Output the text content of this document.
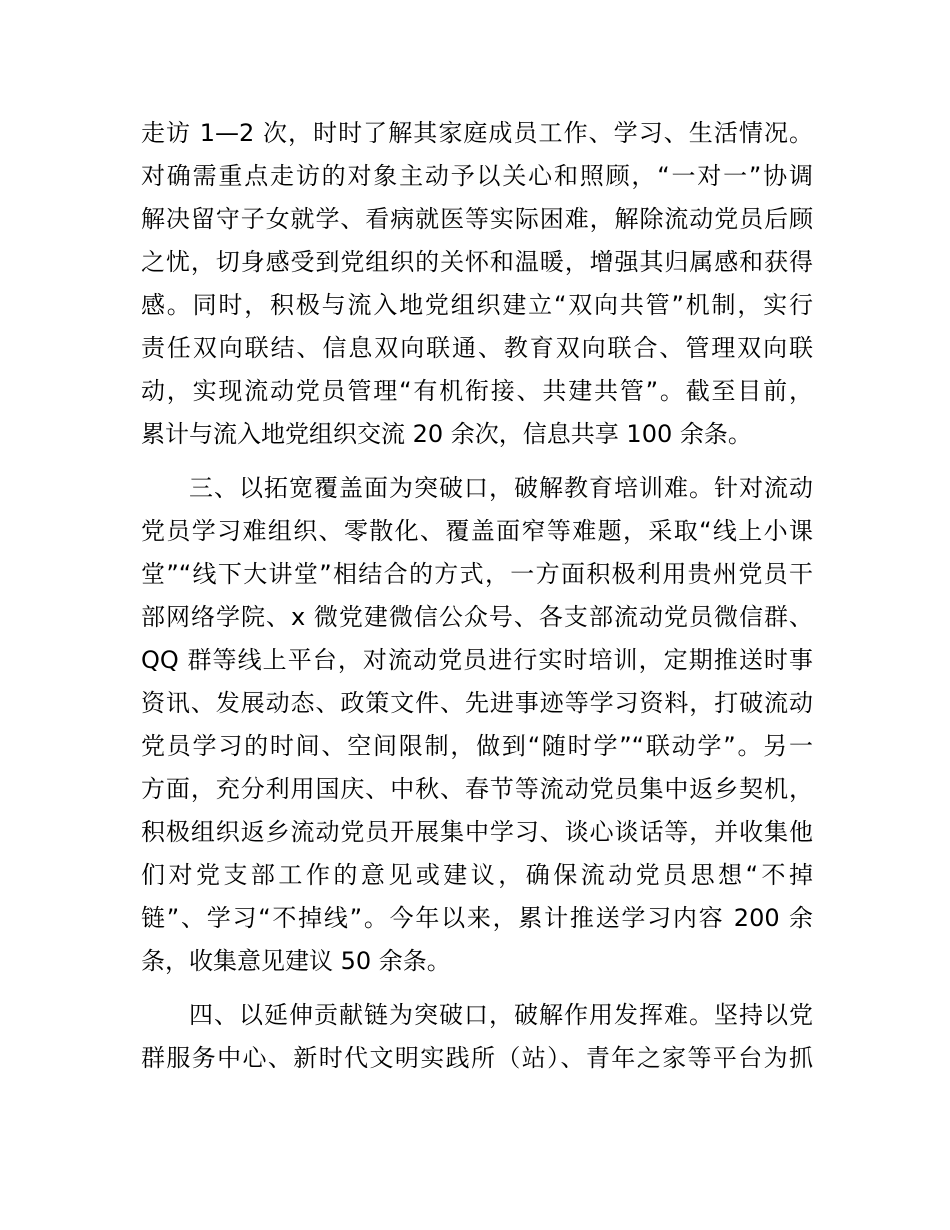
走访 1—2 次，时时了解其家庭成员工作、学习、生活情况。
对确需重点走访的对象主动予以关心和照顾，“一对一”协调
解决留守子女就学、看病就医等实际困难，解除流动党员后顾
之忧，切身感受到党组织的关怀和温暖，增强其归属感和获得
感。同时，积极与流入地党组织建立“双向共管”机制，实行
责任双向联结、信息双向联通、教育双向联合、管理双向联
动，实现流动党员管理“有机衔接、共建共管”。截至目前，
累计与流入地党组织交流 20 余次，信息共享 100 余条。
三、以拓宽覆盖面为突破口，破解教育培训难。针对流动
党员学习难组织、零散化、覆盖面窄等难题，采取“线上小课
堂”“线下大讲堂”相结合的方式，一方面积极利用贵州党员干
部网络学院、x 微党建微信公众号、各支部流动党员微信群、
QQ 群等线上平台，对流动党员进行实时培训，定期推送时事
资讯、发展动态、政策文件、先进事迹等学习资料，打破流动
党员学习的时间、空间限制，做到“随时学”“联动学”。另一
方面，充分利用国庆、中秋、春节等流动党员集中返乡契机，
积极组织返乡流动党员开展集中学习、谈心谈话等，并收集他
们对党支部工作的意见或建议，确保流动党员思想“不掉
链”、学习“不掉线”。今年以来，累计推送学习内容 200 余
条，收集意见建议 50 余条。
四、以延伸贡献链为突破口，破解作用发挥难。坚持以党
群服务中心、新时代文明实践所（站）、青年之家等平台为抓
